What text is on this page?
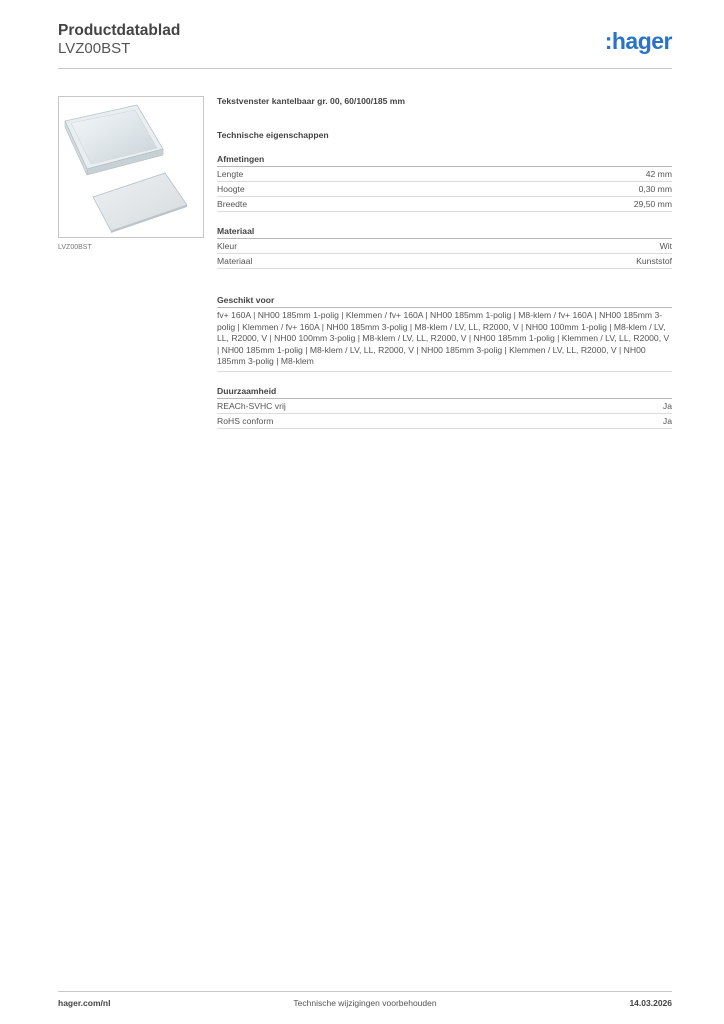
Productdatablad
LVZ00BST	:hager
LVZ00BST
Tekstvenster kantelbaar gr. 00, 60/100/185 mm
Technische eigenschappen
Afmetingen
Lengte	42 mm
Hoogte	0,30 mm
Breedte	29,50 mm
Materiaal
Kleur	Wit
Materiaal	Kunststof
Geschikt voor
fv+ 160A | NH00 185mm 1-polig | Klemmen / fv+ 160A | NH00 185mm 1-polig | M8-klem / fv+ 160A | NH00 185mm 3-polig | Klemmen / fv+ 160A | NH00 185mm 3-polig | M8-klem / LV, LL, R2000, V | NH00 100mm 1-polig | M8-klem / LV, LL, R2000, V | NH00 100mm 3-polig | M8-klem / LV, LL, R2000, V | NH00 185mm 1-polig | Klemmen / LV, LL, R2000, V | NH00 185mm 1-polig | M8-klem / LV, LL, R2000, V | NH00 185mm 3-polig | Klemmen / LV, LL, R2000, V | NH00 185mm 3-polig | M8-klem
Duurzaamheid
REACh-SVHC vrij	Ja
RoHS conform	Ja
hager.com/nl	Technische wijzigingen voorbehouden	14.03.2026
